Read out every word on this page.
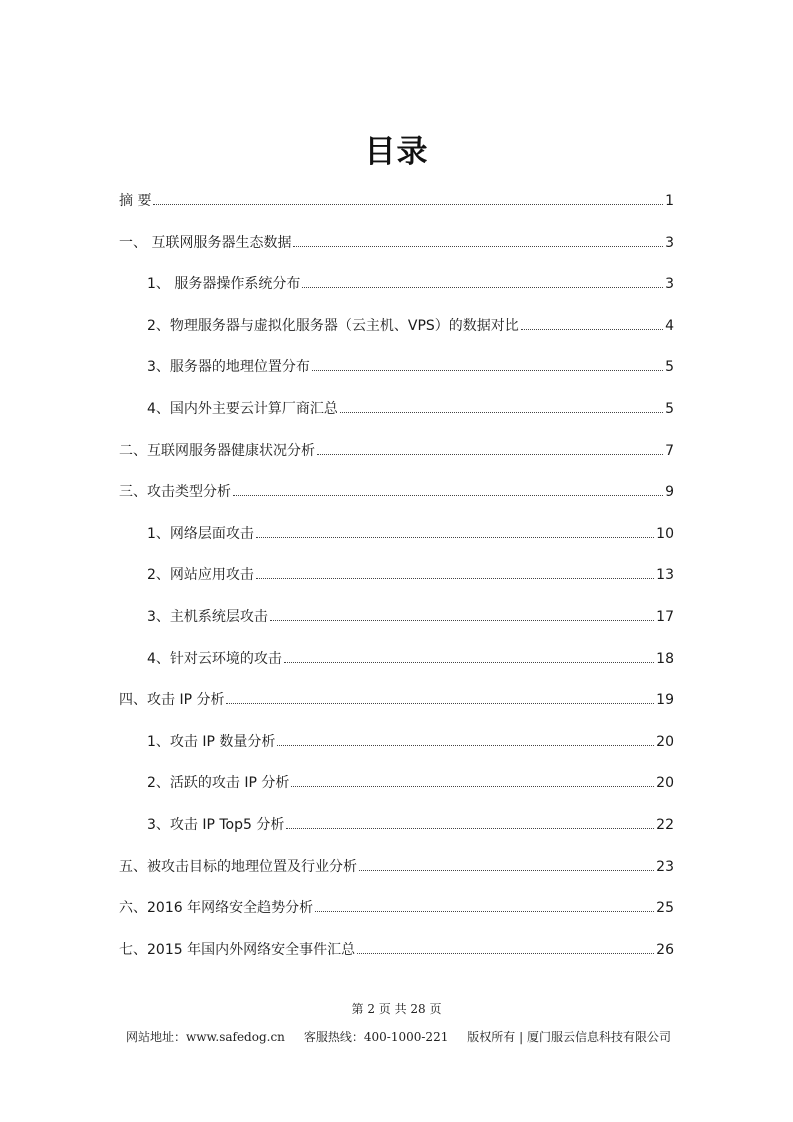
目录
摘 要	1
一、 互联网服务器生态数据	3
1、 服务器操作系统分布	3
2、物理服务器与虚拟化服务器（云主机、VPS）的数据对比	4
3、服务器的地理位置分布	5
4、国内外主要云计算厂商汇总	5
二、互联网服务器健康状况分析	7
三、攻击类型分析	9
1、网络层面攻击	10
2、网站应用攻击	13
3、主机系统层攻击	17
4、针对云环境的攻击	18
四、攻击 IP 分析	19
1、攻击 IP 数量分析	20
2、活跃的攻击 IP 分析	20
3、攻击 IP Top5 分析	22
五、被攻击目标的地理位置及行业分析	23
六、2016 年网络安全趋势分析	25
七、2015 年国内外网络安全事件汇总	26
第 2 页 共 28 页
网站地址：www.safedog.cn 客服热线：400-1000-221 版权所有 | 厦门服云信息科技有限公司
